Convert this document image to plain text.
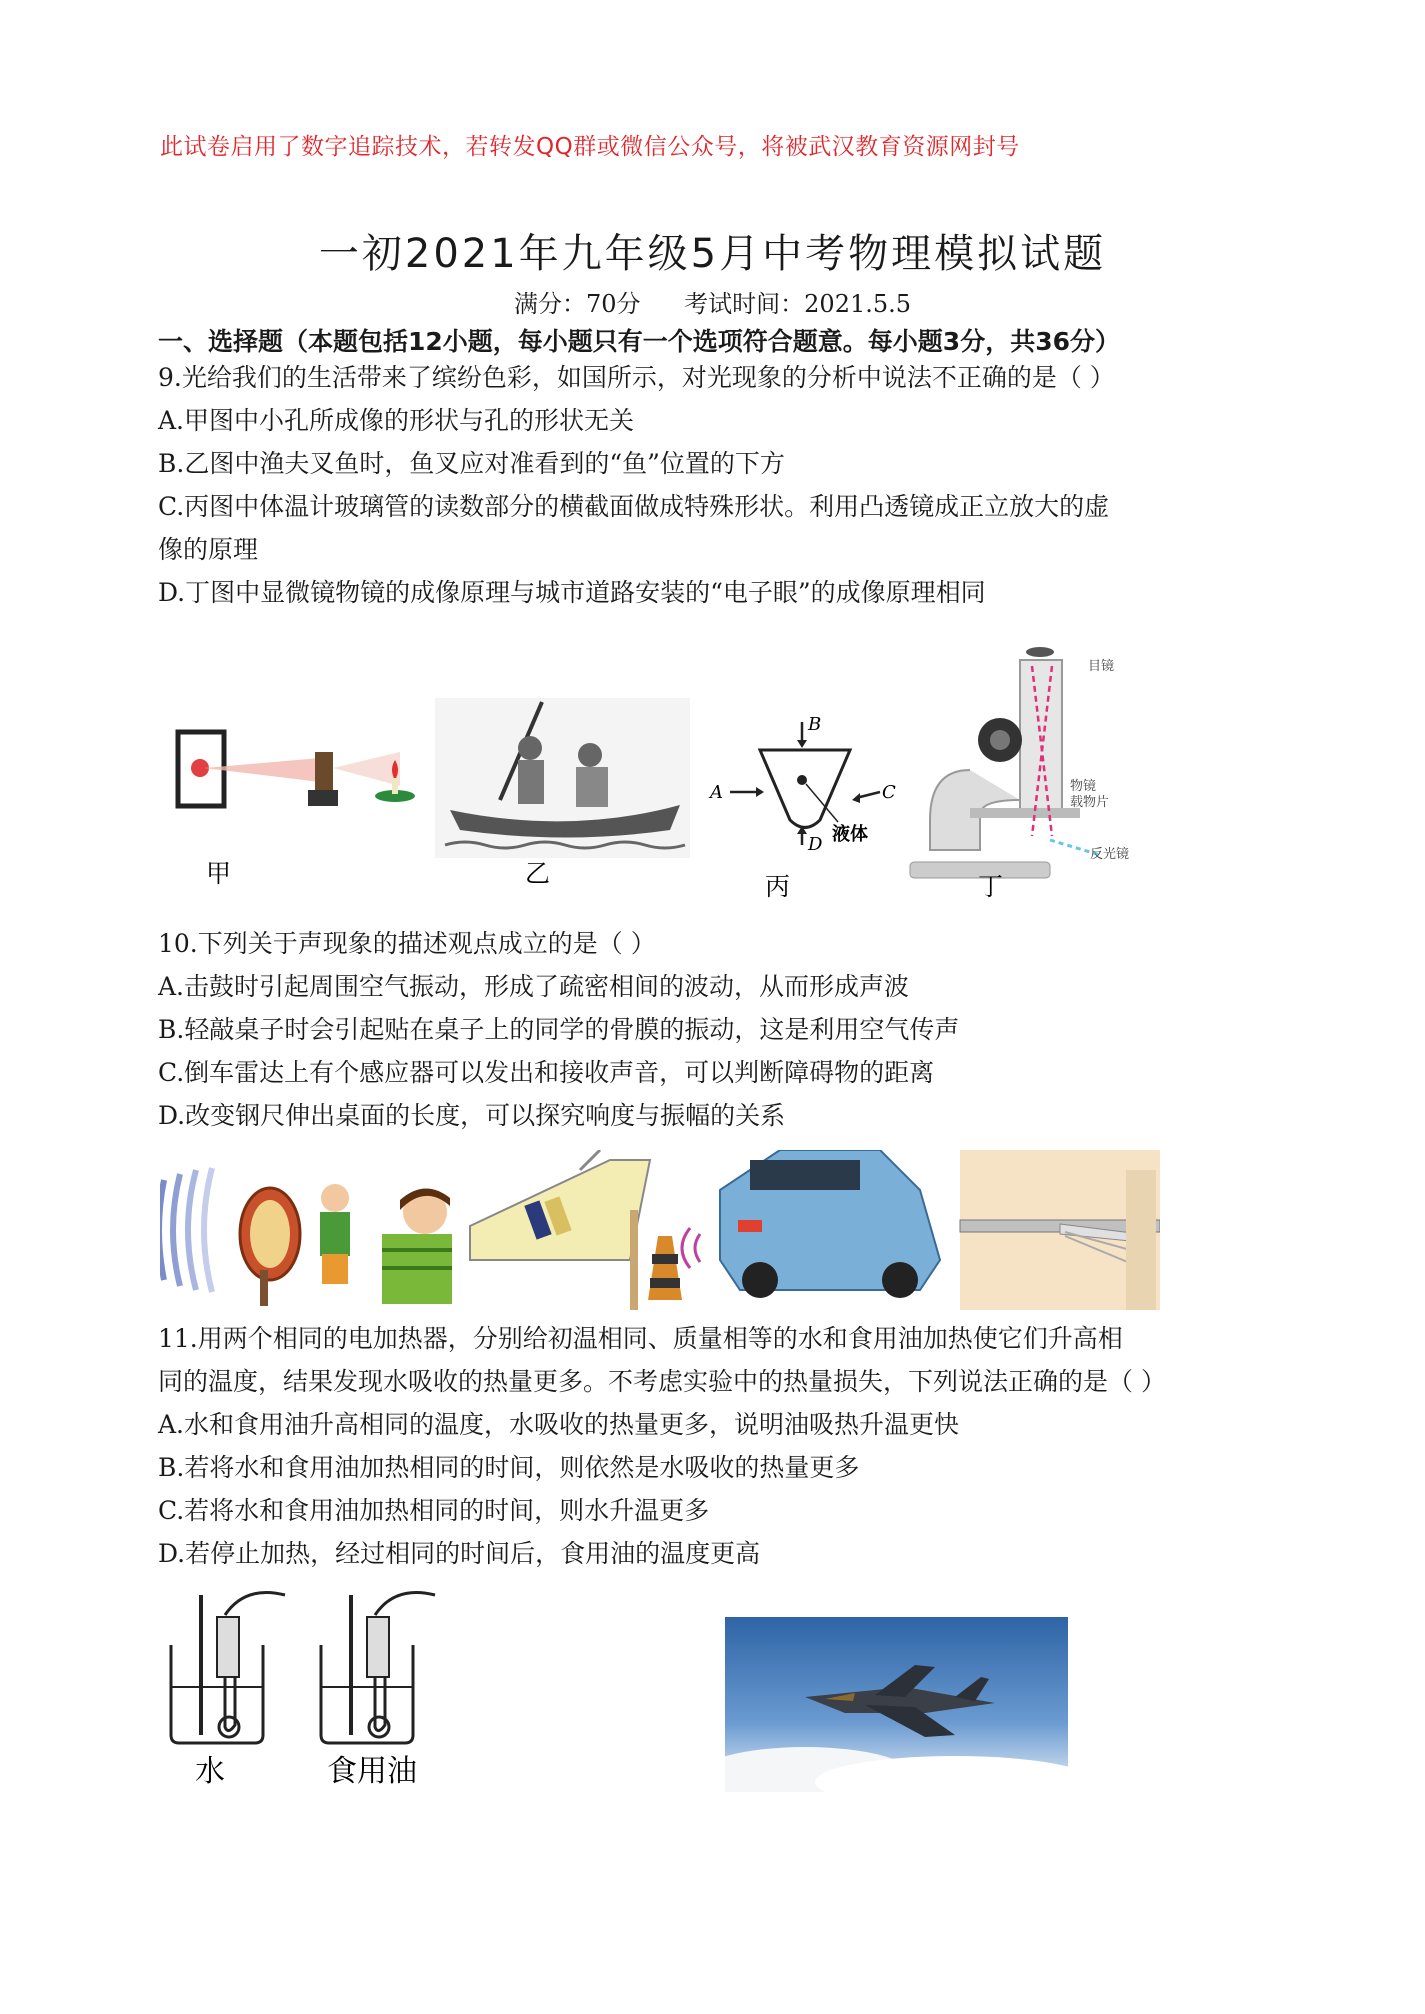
此试卷启用了数字追踪技术，若转发QQ群或微信公众号，将被武汉教育资源网封号
一初2021年九年级5月中考物理模拟试题
满分：70分 考试时间：2021.5.5
一、选择题（本题包括12小题，每小题只有一个选项符合题意。每小题3分，共36分）
9.光给我们的生活带来了缤纷色彩，如国所示，对光现象的分析中说法不正确的是（ ）
A.甲图中小孔所成像的形状与孔的形状无关
B.乙图中渔夫叉鱼时，鱼叉应对准看到的“鱼”位置的下方
C.丙图中体温计玻璃管的读数部分的横截面做成特殊形状。利用凸透镜成正立放大的虚
像的原理
D.丁图中显微镜物镜的成像原理与城市道路安装的“电子眼”的成像原理相同
B
A	C
D 液体
目镜
物镜
载物片
反光镜
甲	乙	丙	丁
10.下列关于声现象的描述观点成立的是（ ）
A.击鼓时引起周围空气振动，形成了疏密相间的波动，从而形成声波
B.轻敲桌子时会引起贴在桌子上的同学的骨膜的振动，这是利用空气传声
C.倒车雷达上有个感应器可以发出和接收声音，可以判断障碍物的距离
D.改变钢尺伸出桌面的长度，可以探究响度与振幅的关系
11.用两个相同的电加热器，分别给初温相同、质量相等的水和食用油加热使它们升高相
同的温度，结果发现水吸收的热量更多。不考虑实验中的热量损失，下列说法正确的是（ ）
A.水和食用油升高相同的温度，水吸收的热量更多，说明油吸热升温更快
B.若将水和食用油加热相同的时间，则依然是水吸收的热量更多
C.若将水和食用油加热相同的时间，则水升温更多
D.若停止加热，经过相同的时间后，食用油的温度更高
水	食用油
